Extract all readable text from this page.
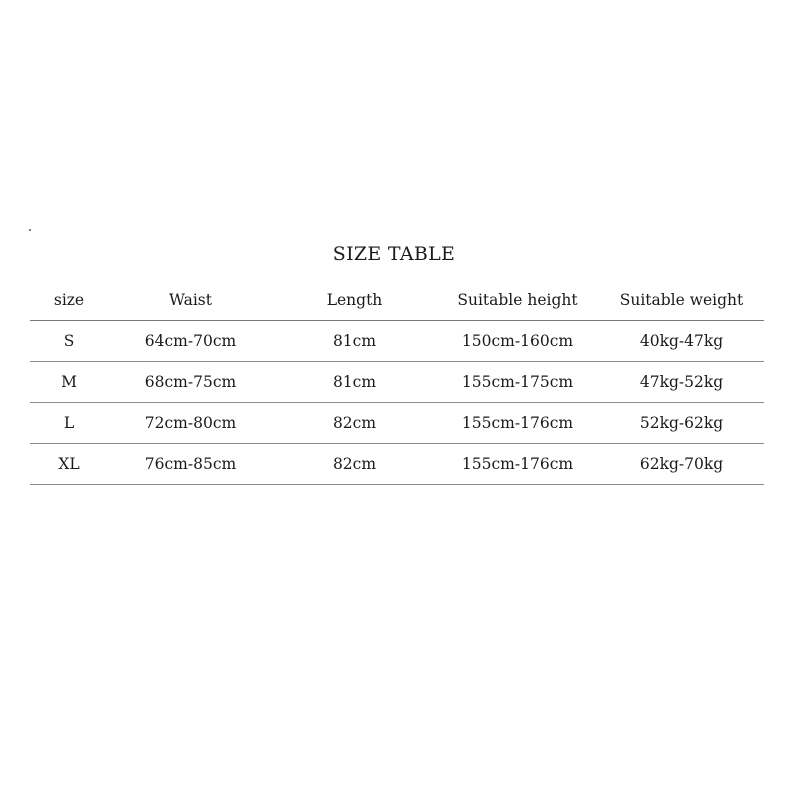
SIZE TABLE
size	Waist	Length	Suitable height	Suitable weight
S	64cm-70cm	81cm	150cm-160cm	40kg-47kg
M	68cm-75cm	81cm	155cm-175cm	47kg-52kg
L	72cm-80cm	82cm	155cm-176cm	52kg-62kg
XL	76cm-85cm	82cm	155cm-176cm	62kg-70kg
